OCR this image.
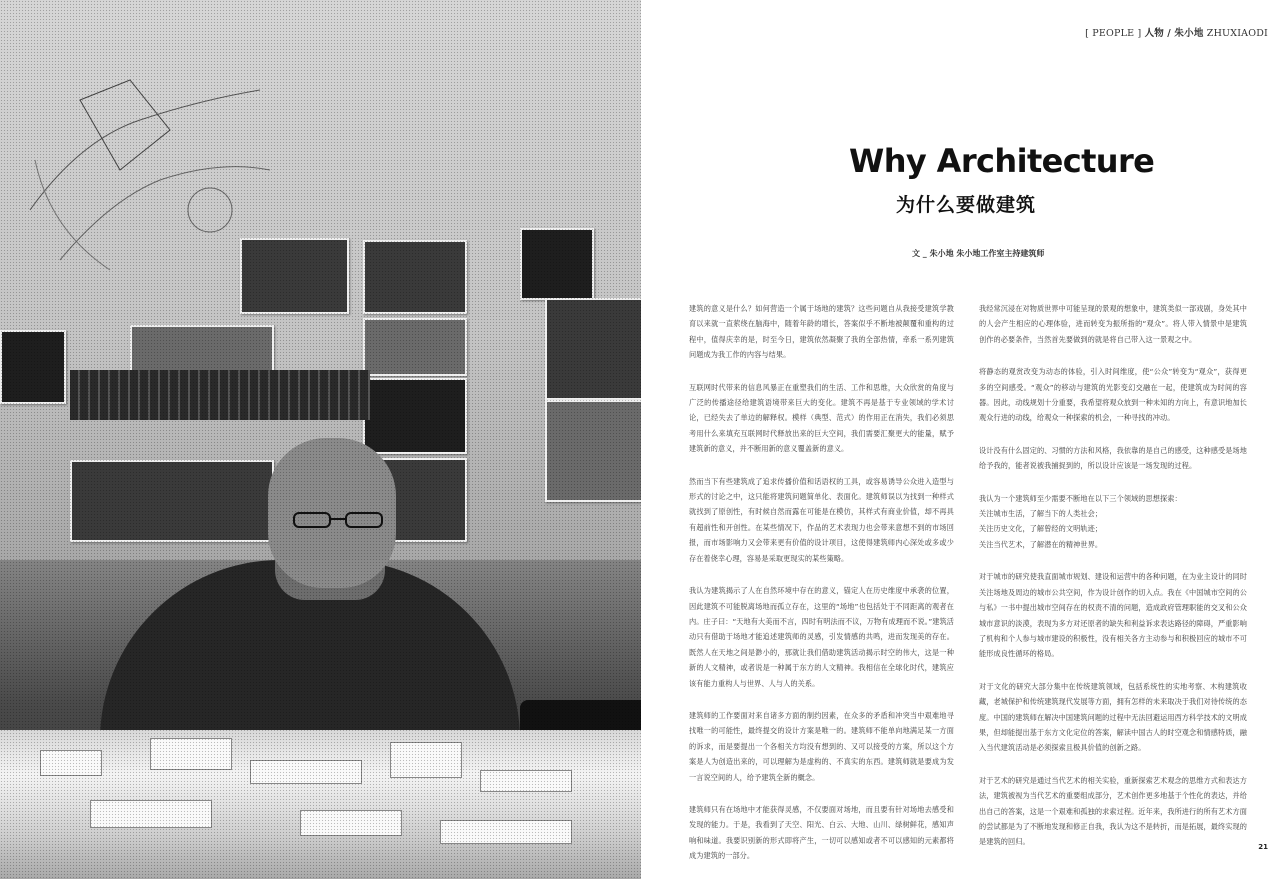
[ PEOPLE ] 人物 / 朱小地 ZHUXIAODI
Why Architecture
为什么要做建筑
文 _ 朱小地 朱小地工作室主持建筑师

建筑的意义是什么？如何营造一个属于场地的建筑？这些问题自从我接受建筑学教育以来就一直萦绕在脑海中，随着年龄的增长，答案似乎不断地被颠覆和重构的过程中，值得庆幸的是，时至今日，建筑依然凝聚了我的全部热情，牵系一系列建筑问题成为我工作的内容与结果。

互联网时代带来的信息风暴正在重塑我们的生活、工作和思维，大众欣赏的角度与广泛的传播途径给建筑语境带来巨大的变化。建筑不再是基于专业领域的学术讨论，已经失去了单边的解释权。模样（典型、范式）的作用正在消失，我们必须思考用什么来填充互联网时代释放出来的巨大空间，我们需要汇聚更大的能量，赋予建筑新的意义，并不断用新的意义覆盖新的意义。

然而当下有些建筑成了追求传播价值和话语权的工具，或容易诱导公众进入造型与形式的讨论之中，这只能将建筑问题简单化、表面化。建筑师误以为找到一种样式就找到了原创性，有时候自然而露在可能是在模仿，其样式有商业价值，却不再具有超前性和开创性。在某些情况下，作品的艺术表现力也会带来意想不到的市场回报，而市场影响力又会带来更有价值的设计项目，这使得建筑师内心深处或多或少存在着侥幸心理，容易是采取更现实的某些策略。

我认为建筑揭示了人在自然环境中存在的意义，锚定人在历史维度中承袭的位置，因此建筑不可能脱离场地而孤立存在，这里的“场地”也包括处于不同距离的观者在内。庄子曰：“天地有大美而不言，四时有明法而不议，万物有成理而不说。”建筑活动只有借助于场地才能追述建筑师的灵感，引发情感的共鸣，进而发现美的存在。既然人在天地之间是渺小的，那就让我们借助建筑活动揭示时空的伟大，这是一种新的人文精神，或者说是一种属于东方的人文精神。我相信在全球化时代，建筑应该有能力重构人与世界、人与人的关系。

建筑师的工作要面对来自诸多方面的制约因素，在众多的矛盾和冲突当中艰难地寻找唯一的可能性，最终提交的设计方案是唯一的。建筑师不能单向地满足某一方面的诉求，而是要提出一个各相关方均没有想到的、又可以接受的方案，所以这个方案是人为创造出来的，可以理解为是虚构的、不真实的东西。建筑师就是要成为发一言说空间的人，给予建筑全新的概念。

建筑师只有在场地中才能获得灵感，不仅要面对场地，而且要有针对场地去感受和发现的能力。于是，我看到了天空、阳光、白云、大地、山川、绿树鲜花，感知声响和味道。我要识别新的形式即将产生，一切可以感知或者不可以感知的元素都将成为建筑的一部分。

我经常沉浸在对物质世界中可能呈现的景观的想象中，建筑类似一部戏剧，身处其中的人会产生相应的心理体验，进而转变为振所指的“观众”。将人带入情景中是建筑创作的必要条件，当然首先要做到的就是将自己带入这一景观之中。

将静态的观赏改变为动态的体验，引入时间维度，使“公众”转变为“观众”，获得更多的空间感受。“观众”的移动与建筑的光影变幻交融在一起，使建筑成为时间的容器。因此，动线规划十分重要，我希望将观众放到一种未知的方向上，有意识地加长观众行进的动线，给观众一种探索的机会，一种寻找的冲动。

设计没有什么固定的、习惯的方法和风格，我依靠的是自己的感受，这种感受是场地给予我的，能者说被我捕捉到的，所以设计应该是一场发现的过程。

我认为一个建筑师至少需要不断地在以下三个领域的思想探索：

关注城市生活，了解当下的人类社会；

关注历史文化，了解曾经的文明轨迹；

关注当代艺术，了解潜在的精神世界。

对于城市的研究使我直面城市规划、建设和运营中的各种问题，在为业主设计的同时关注场地及周边的城市公共空间，作为设计创作的切入点。我在《中国城市空间的公与私》一书中提出城市空间存在的权责不清的问题，造成政府管理职能的交叉和公众城市意识的淡漠，表现为多方对还原者的缺失和利益诉求表达路径的障碍，严重影响了机构和个人参与城市建设的积极性，没有相关各方主动参与和积极回应的城市不可能形成良性循环的格局。

对于文化的研究大部分集中在传统建筑领域，包括系统性的实地考察、木构建筑收藏，老城保护和传统建筑现代发展等方面，拥有怎样的未来取决于我们对待传统的态度。中国的建筑师在解决中国建筑问题的过程中无法回避运用西方科学技术的文明成果，但却能提出基于东方文化定位的答案，解读中国古人的时空观念和情感特质，融入当代建筑活动是必须探索且极具价值的创新之路。

对于艺术的研究是通过当代艺术的相关实验，重新探索艺术观念的思维方式和表达方法，建筑被视为当代艺术的重要组成部分，艺术创作更多地基于个性化的表达，并给出自己的答案，这是一个艰难和孤独的求索过程。近年来，我所进行的所有艺术方面的尝试都是为了不断地发现和修正自我，我认为这不是转折，而是拓展，最终实现的是建筑的回归。

21
